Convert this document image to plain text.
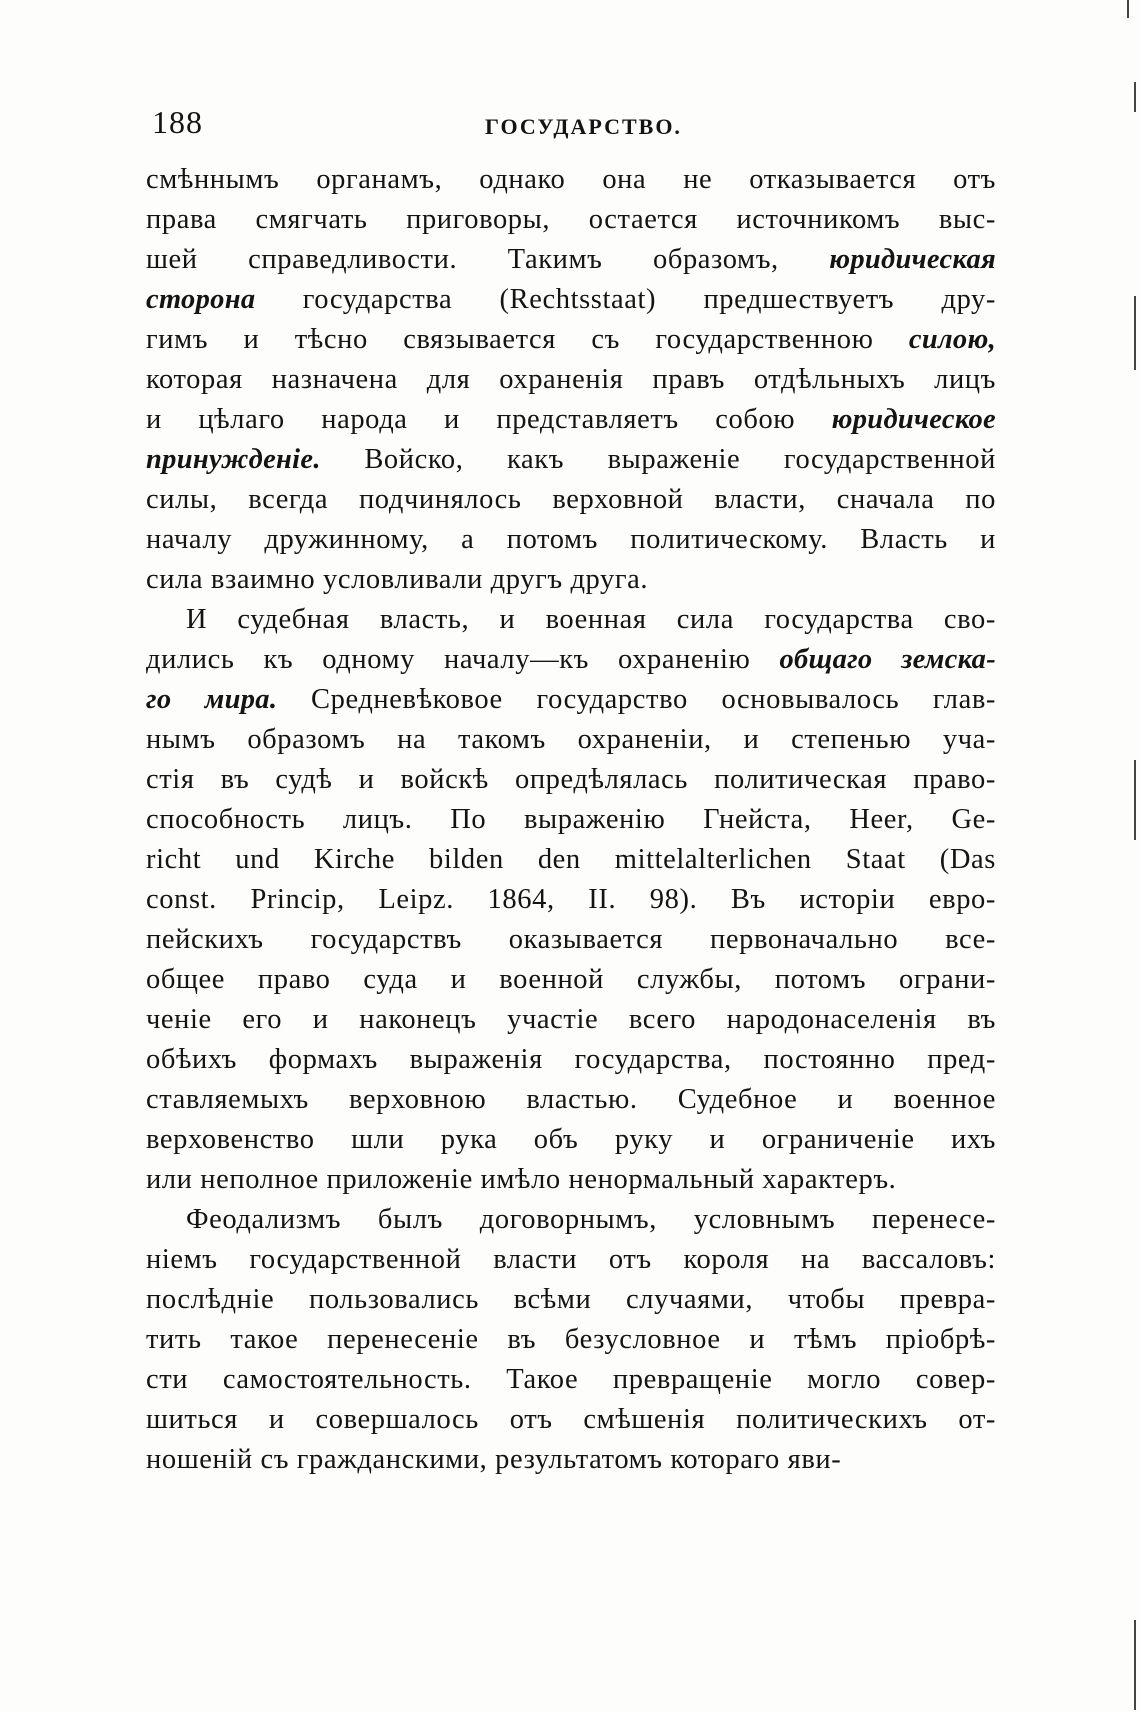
188	ГОСУДАРСТВО.
смѣннымъ органамъ, однако она не отказывается отъ
права смягчать приговоры, остается источникомъ выс-
шей справедливости. Такимъ образомъ, юридическая
сторона государства (Rechtsstaat) предшествуетъ дру-
гимъ и тѣсно связывается съ государственною силою,
которая назначена для охраненія правъ отдѣльныхъ лицъ
и цѣлаго народа и представляетъ собою юридическое
принужденіе. Войско, какъ выраженіе государственной
силы, всегда подчинялось верховной власти, сначала по
началу дружинному, а потомъ политическому. Власть и
сила взаимно условливали другъ друга.
И судебная власть, и военная сила государства сво-
дились къ одному началу—къ охраненію общаго земска-
го мира. Средневѣковое государство основывалось глав-
нымъ образомъ на такомъ охраненіи, и степенью уча-
стія въ судѣ и войскѣ опредѣлялась политическая право-
способность лицъ. По выраженію Гнейста, Heer, Ge-
richt und Kirche bilden den mittelalterlichen Staat (Das
const. Princip, Leipz. 1864, II. 98). Въ исторіи евро-
пейскихъ государствъ оказывается первоначально все-
общее право суда и военной службы, потомъ ограни-
ченіе его и наконецъ участіе всего народонаселенія въ
обѣихъ формахъ выраженія государства, постоянно пред-
ставляемыхъ верховною властью. Судебное и военное
верховенство шли рука объ руку и ограниченіе ихъ
или неполное приложеніе имѣло ненормальный характеръ.
Феодализмъ былъ договорнымъ, условнымъ перенесе-
ніемъ государственной власти отъ короля на вассаловъ:
послѣдніе пользовались всѣми случаями, чтобы превра-
тить такое перенесеніе въ безусловное и тѣмъ пріобрѣ-
сти самостоятельность. Такое превращеніе могло совер-
шиться и совершалось отъ смѣшенія политическихъ от-
ношеній съ гражданскими, результатомъ котораго яви-
